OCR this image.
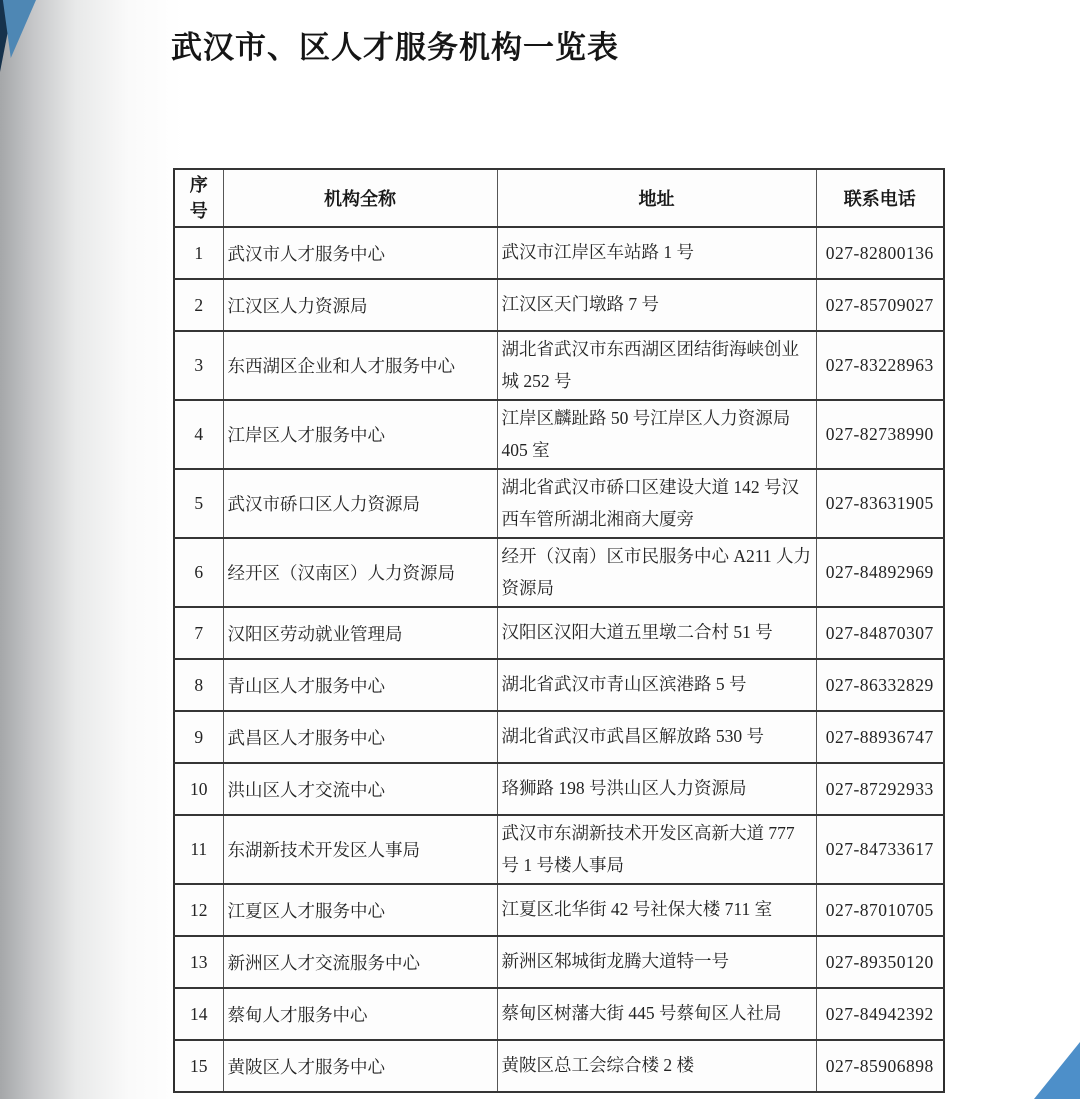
武汉市、区人才服务机构一览表
序号	机构全称	地址	联系电话
1	武汉市人才服务中心	武汉市江岸区车站路 1 号	027-82800136
2	江汉区人力资源局	江汉区天门墩路 7 号	027-85709027
3	东西湖区企业和人才服务中心	湖北省武汉市东西湖区团结街海峡创业城 252 号	027-83228963
4	江岸区人才服务中心	江岸区麟趾路 50 号江岸区人力资源局 405 室	027-82738990
5	武汉市硚口区人力资源局	湖北省武汉市硚口区建设大道 142 号汉西车管所湖北湘商大厦旁	027-83631905
6	经开区（汉南区）人力资源局	经开（汉南）区市民服务中心 A211 人力资源局	027-84892969
7	汉阳区劳动就业管理局	汉阳区汉阳大道五里墩二合村 51 号	027-84870307
8	青山区人才服务中心	湖北省武汉市青山区滨港路 5 号	027-86332829
9	武昌区人才服务中心	湖北省武汉市武昌区解放路 530 号	027-88936747
10	洪山区人才交流中心	珞狮路 198 号洪山区人力资源局	027-87292933
11	东湖新技术开发区人事局	武汉市东湖新技术开发区高新大道 777 号 1 号楼人事局	027-84733617
12	江夏区人才服务中心	江夏区北华街 42 号社保大楼 711 室	027-87010705
13	新洲区人才交流服务中心	新洲区邾城街龙腾大道特一号	027-89350120
14	蔡甸人才服务中心	蔡甸区树藩大街 445 号蔡甸区人社局	027-84942392
15	黄陂区人才服务中心	黄陂区总工会综合楼 2 楼	027-85906898
